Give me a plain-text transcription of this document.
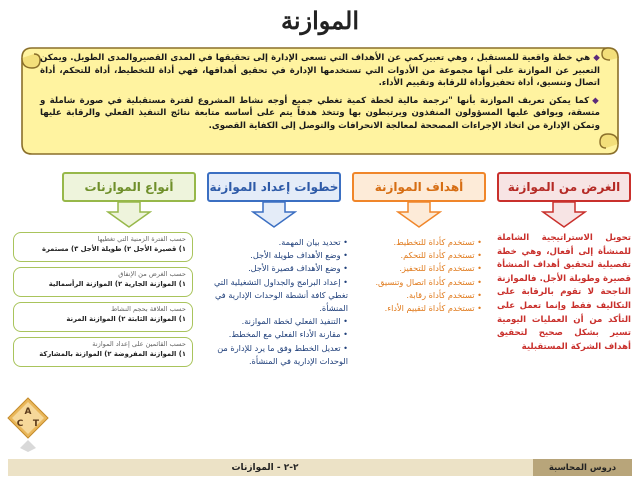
الموازنة

◆هي خطة واقعية للمستقبل ، وهي تعبيركمي عن الأهداف التي تسعى الإدارة إلى تحقيقها في المدى القصيروالمدى الطويل. ويمكن التعبير عن الموازنة على أنها مجموعة من الأدوات التي تستخدمها الإدارة في تحقيق أهدافها، فهي أداة للتخطيط، أداة للتحكم، أداة اتصال وتنسيق، أداة تحفيزوأداة للرقابة وتقييم الأداء.

◆كما يمكن تعريف الموازنة بأنها "ترجمة مالية لخطة كمية تغطي جميع أوجه نشاط المشروع لفترة مستقبلية في صورة شاملة و متسقة، ويوافق عليها المسؤولون المنفذون ويرتبطون بها وتتخذ هدفاً يتم على أساسه متابعة نتائج التنفيذ الفعلي والرقابة عليها وتمكن الإدارة من اتخاذ الإجراءات المصححة لمعالجة الانحرافات والتوصل إلى الكفاية القصوى.

الغرض من الموازنة
أهداف الموازنة
خطوات إعداد الموازنة
أنواع الموازنات
تحويل الاستراتيجية الشاملة للمنشأة إلى أفعال، وهي خطة تفصيلية لتحقيق أهداف المنشأة قصيرة وطويلة الأجل. فالموازنة الناجحة لا تقوم بالرقابة على التكاليف فقط وإنما تعمل على التأكد من أن العمليات اليومية تسير بشكل صحيح لتحقيق أهداف الشركة المستقبلية
• تستخدم كأداة للتخطيط.
• تستخدم كأداة للتحكم.
• تستخدم كأداة للتحفيز.
• تستخدم كأداة اتصال وتنسيق.
• تستخدم كأداة رقابة.
• تستخدم كأداة لتقييم الأداء.
• تحديد بيان المهمة.
• وضع الأهداف طويلة الأجل.
• وضع الأهداف قصيرة الأجل.
• إعداد البرامج والجداول التشغيلية التي تغطي كافة أنشطة الوحدات الإدارية في المنشأة.
• التنفيذ الفعلي لخطة الموازنة.
• مقارنة الأداء الفعلي مع المخطط.
• تعديل الخطط وفق ما يرد للإدارة من الوحدات الإدارية في المنشأة.
حسب الفترة الزمنية التي تغطيها
١) قصيرة الأجل ٢) طويلة الأجل ٣) مستمرة
حسب الغرض من الإنفاق
١) الموازنة الجارية ٢) الموازنة الرأسمالية
حسب العلاقة بحجم النشاط
١) الموازنة الثابتة ٢) الموازنة المرنة
حسب القائمين على إعداد الموازنة
١) الموازنة المفروضة ٢) الموازنة بالمشاركة
A
C T
دروس المحاسبة
٢-٢ - الموازنات
